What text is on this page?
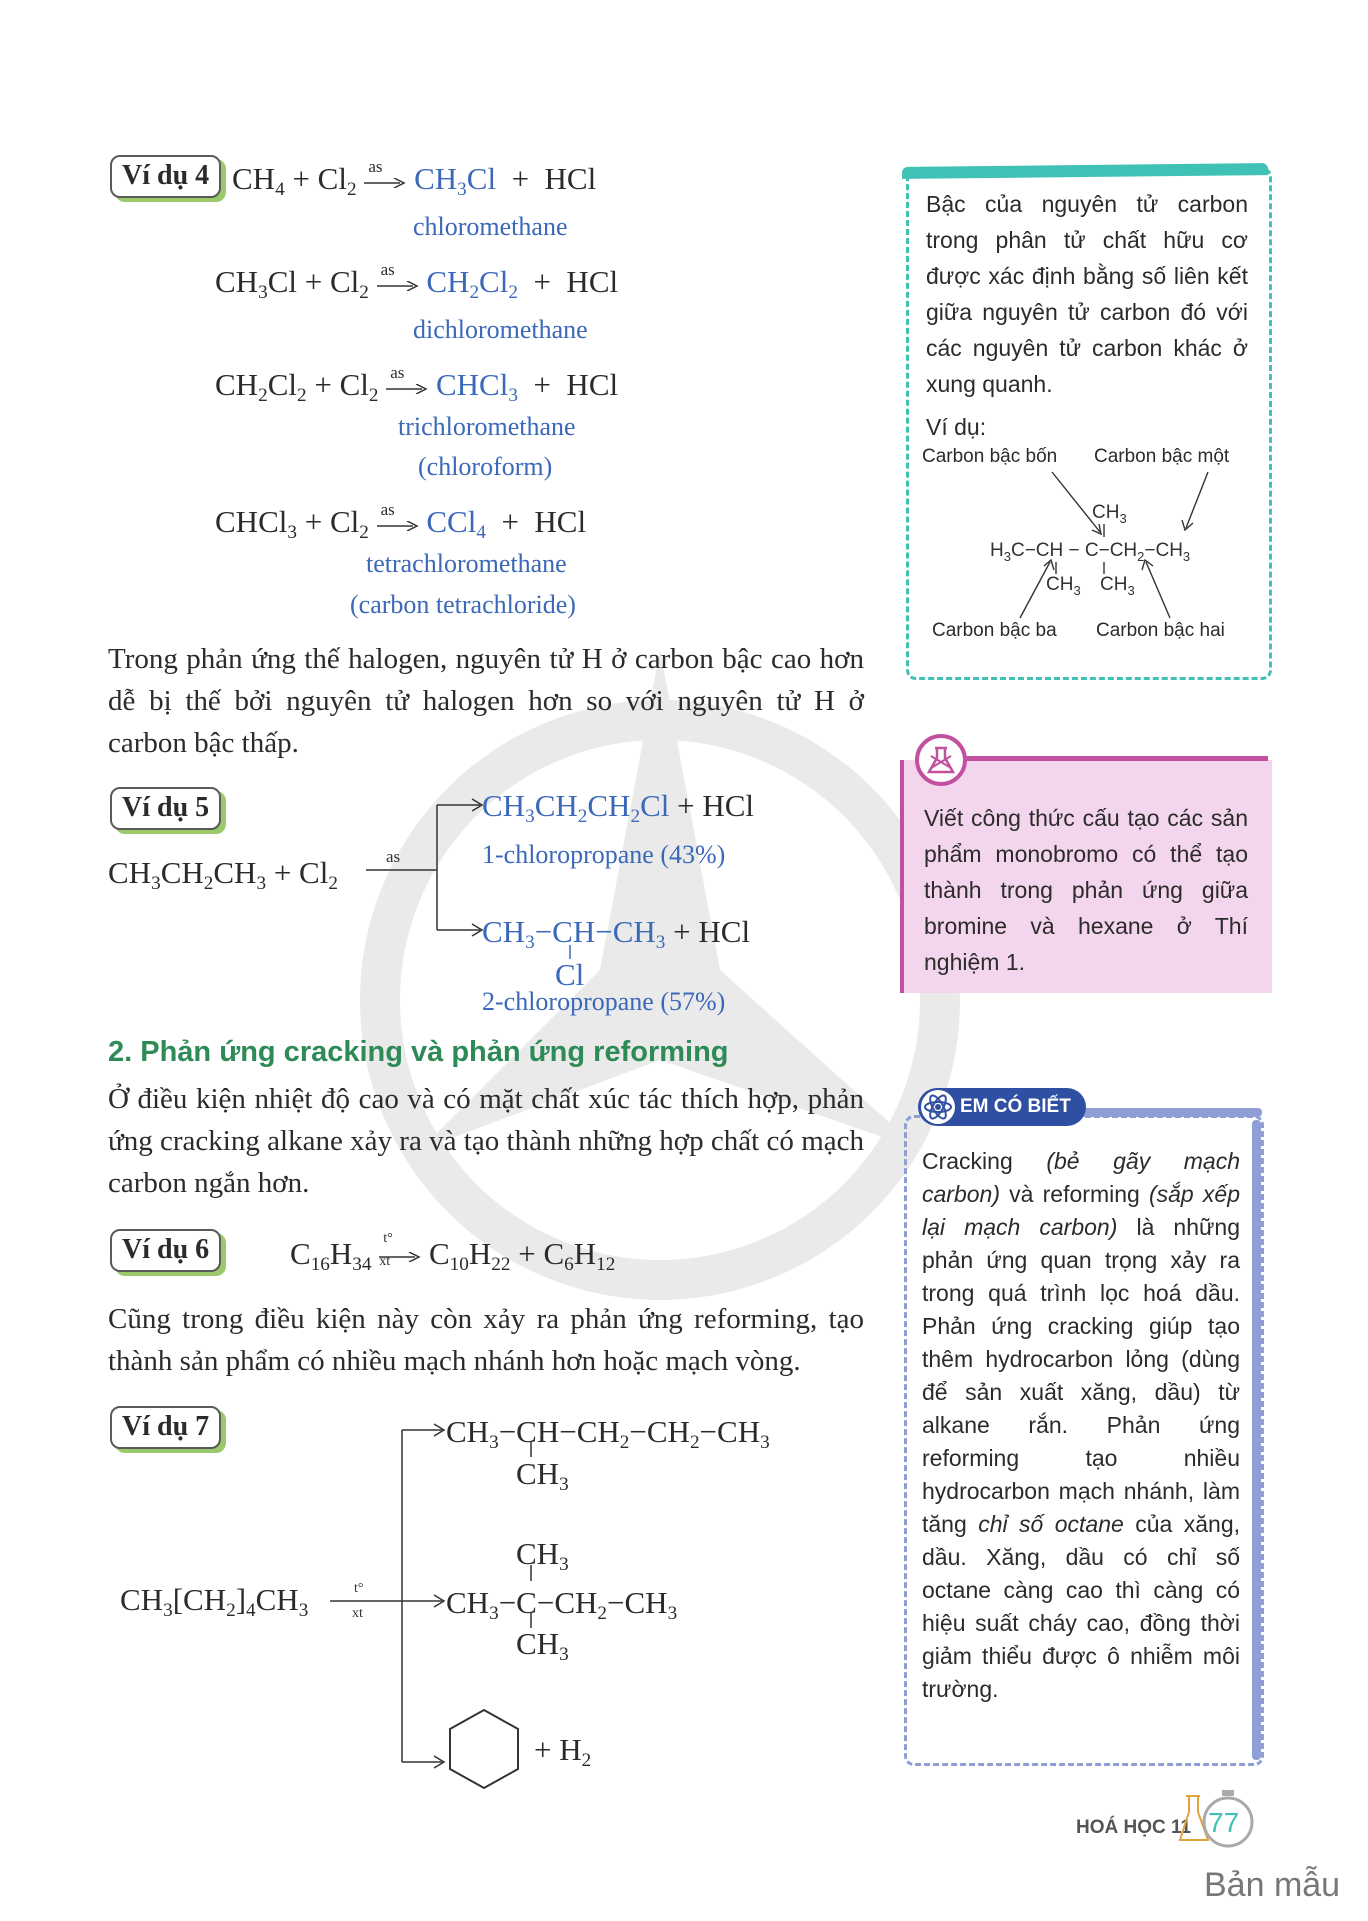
Ví dụ 4 $CH_4 + Cl_2$
as $CH_3Cl$  +  HCl
chloromethane
$CH_3Cl + Cl_2$
as $CH_2Cl_2$  +  HCl
dichloromethane
$CH_2Cl_2 + Cl_2$
as CHCl$_3$  +  HCl
trichloromethane
(chloroform)
CHCl$_3$ + $Cl_2$
as CCl$_4$  +  HCl
tetrachloromethane
(carbon tetrachloride)
Trong phản ứng thế halogen, nguyên tử H ở carbon bậc cao hơn dễ bị thế bởi nguyên tử halogen hơn so với nguyên tử H ở carbon bậc thấp.
Ví dụ 5
$CH_3CH_2CH_3 + Cl_2$
as
$CH_3CH_2CH_2Cl$ + HCl
1-chloropropane (43%)
$CH_3-CH-CH_3$ + HCl
Cl
2-chloropropane (57%)
2. Phản ứng cracking và phản ứng reforming
Ở điều kiện nhiệt độ cao và có mặt chất xúc tác thích hợp, phản ứng cracking alkane xảy ra và tạo thành những hợp chất có mạch carbon ngắn hơn.
Ví dụ 6	$C_{16}H_{34}$
t°
xt $C_{10}H_{22} + C_6H_{12}$
Cũng trong điều kiện này còn xảy ra phản ứng reforming, tạo thành sản phẩm có nhiều mạch nhánh hơn hoặc mạch vòng.
Ví dụ 7
$CH_3[CH_2]_4CH_3$
t°
xt
$CH_3-CH-CH_2-CH_2-CH_3$
$CH_3$
$CH_3$
$CH_3-C-CH_2-CH_3$
$CH_3$
+ $H_2$
Bậc của nguyên tử carbon trong phân tử chất hữu cơ được xác định bằng số liên kết giữa nguyên tử carbon đó với các nguyên tử carbon khác ở xung quanh.
Ví dụ:
Carbon bậc bốn Carbon bậc một
Carbon bậc ba Carbon bậc hai
$CH_3$
$H_3C-CH - C-CH_2-CH_3$
$CH_3$ $CH_3$
Viết công thức cấu tạo các sản phẩm monobromo có thể tạo thành trong phản ứng giữa bromine và hexane ở Thí nghiệm 1.
EM CÓ BIẾT
Cracking (bẻ gãy mạch carbon) và reforming (sắp xếp lại mạch carbon) là những phản ứng quan trọng xảy ra trong quá trình lọc hoá dầu. Phản ứng cracking giúp tạo thêm hydrocarbon lỏng (dùng để sản xuất xăng, dầu) từ alkane rắn. Phản ứng reforming tạo nhiều hydrocarbon mạch nhánh, làm tăng chỉ số octane của xăng, dầu. Xăng, dầu có chỉ số octane càng cao thì càng có hiệu suất cháy cao, đồng thời giảm thiểu được ô nhiễm môi trường.
HOÁ HỌC 11 77
Bản mẫu
